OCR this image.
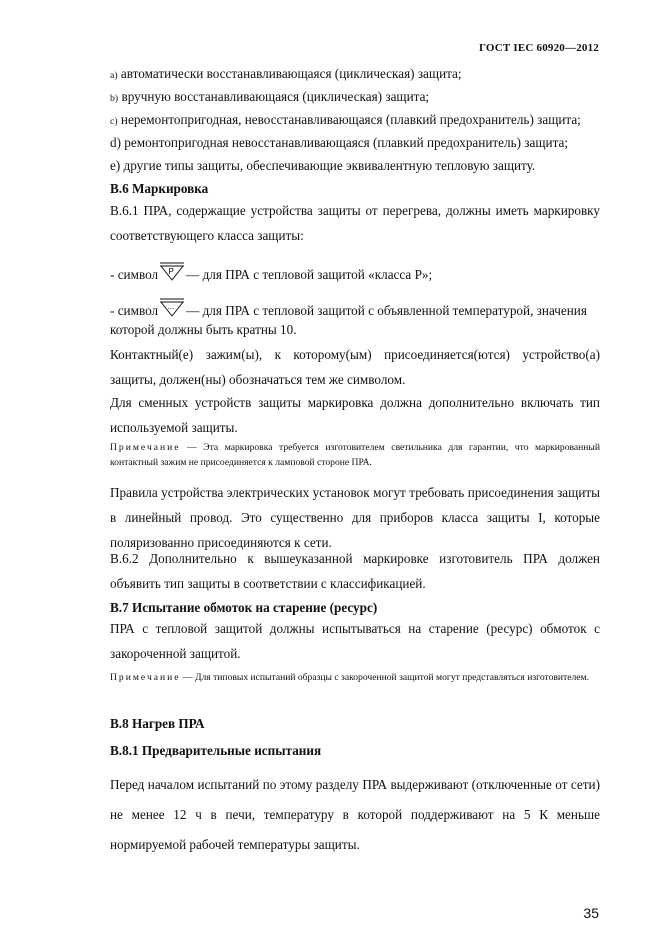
ГОСТ IEC 60920—2012
a) автоматически восстанавливающаяся (циклическая) защита;
b) вручную восстанавливающаяся (циклическая) защита;
c) неремонтопригодная, невосстанавливающаяся (плавкий предохранитель) защита;
d) ремонтопригодная невосстанавливающаяся (плавкий предохранитель) защита;
e) другие типы защиты, обеспечивающие эквивалентную тепловую защиту.
В.6 Маркировка
В.6.1 ПРА, содержащие устройства защиты от перегрева, должны иметь маркировку соответствующего класса защиты:
- символ P — для ПРА с тепловой защитой «класса P»;
- символ ... — для ПРА с тепловой защитой с объявленной температурой, значения
которой должны быть кратны 10.
Контактный(е) зажим(ы), к которому(ым) присоединяется(ются) устройство(а) защиты, должен(ны) обозначаться тем же символом.
Для сменных устройств защиты маркировка должна дополнительно включать тип используемой защиты.
Примечание — Эта маркировка требуется изготовителем светильника для гарантии, что маркированный контактный зажим не присоединяется к ламповой стороне ПРА.
Правила устройства электрических установок могут требовать присоединения защиты в линейный провод. Это существенно для приборов класса защиты I, которые поляризованно присоединяются к сети.
В.6.2 Дополнительно к вышеуказанной маркировке изготовитель ПРА должен объявить тип защиты в соответствии с классификацией.
В.7 Испытание обмоток на старение (ресурс)
ПРА с тепловой защитой должны испытываться на старение (ресурс) обмоток с закороченной защитой.
Примечание — Для типовых испытаний образцы с закороченной защитой могут представляться изготовителем.
В.8 Нагрев ПРА
В.8.1 Предварительные испытания
Перед началом испытаний по этому разделу ПРА выдерживают (отключенные от сети) не менее 12 ч в печи, температуру в которой поддерживают на 5 К меньше нормируемой рабочей температуры защиты.
35
